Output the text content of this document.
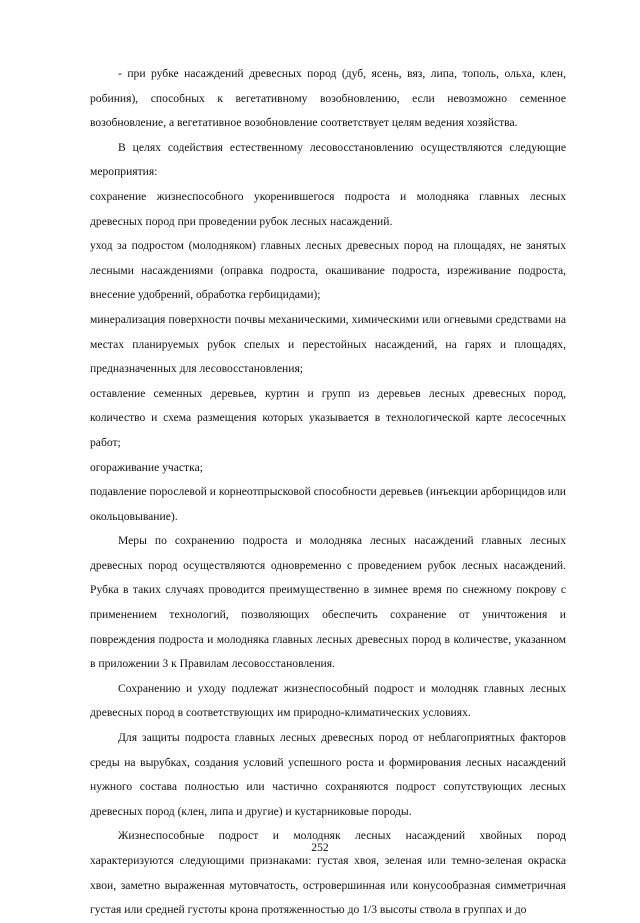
- при рубке насаждений древесных пород (дуб, ясень, вяз, липа, тополь, ольха, клен, робиния), способных к вегетативному возобновлению, если невозможно семенное возобновление, а вегетативное возобновление соответствует целям ведения хозяйства.

В целях содействия естественному лесовосстановлению осуществляются следующие мероприятия:

сохранение жизнеспособного укоренившегося подроста и молодняка главных лесных древесных пород при проведении рубок лесных насаждений.

уход за подростом (молодняком) главных лесных древесных пород на площадях, не занятых лесными насаждениями (оправка подроста, окашивание подроста, изреживание подроста, внесение удобрений, обработка гербицидами);

минерализация поверхности почвы механическими, химическими или огневыми средствами на местах планируемых рубок спелых и перестойных насаждений, на гарях и площадях, предназначенных для лесовосстановления;

оставление семенных деревьев, куртин и групп из деревьев лесных древесных пород, количество и схема размещения которых указывается в технологической карте лесосечных работ;

огораживание участка;

подавление порослевой и корнеотпрысковой способности деревьев (инъекции арборицидов или окольцовывание).

Меры по сохранению подроста и молодняка лесных насаждений главных лесных древесных пород осуществляются одновременно с проведением рубок лесных насаждений. Рубка в таких случаях проводится преимущественно в зимнее время по снежному покрову с применением технологий, позволяющих обеспечить сохранение от уничтожения и повреждения подроста и молодняка главных лесных древесных пород в количестве, указанном в приложении 3 к Правилам лесовосстановления.

Сохранению и уходу подлежат жизнеспособный подрост и молодняк главных лесных древесных пород в соответствующих им природно-климатических условиях.

Для защиты подроста главных лесных древесных пород от неблагоприятных факторов среды на вырубках, создания условий успешного роста и формирования лесных насаждений нужного состава полностью или частично сохраняются подрост сопутствующих лесных древесных пород (клен, липа и другие) и кустарниковые породы.

Жизнеспособные подрост и молодняк лесных насаждений хвойных пород характеризуются следующими признаками: густая хвоя, зеленая или темно-зеленая окраска хвои, заметно выраженная мутовчатость, островершинная или конусообразная симметричная густая или средней густоты крона протяженностью до 1/3 высоты ствола в группах и до

252
